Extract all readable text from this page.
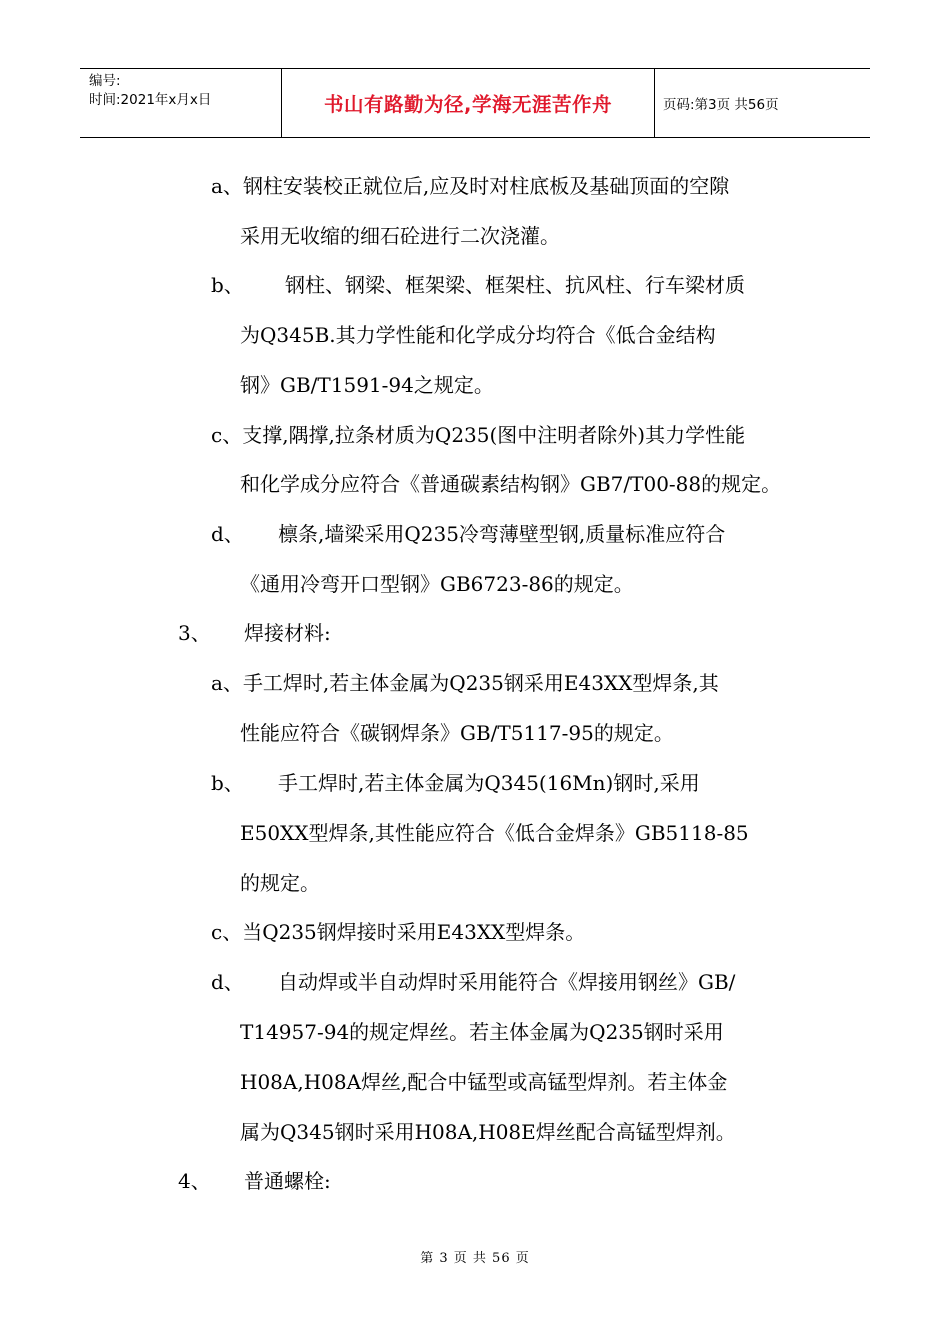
编号:
时间:2021年x月x日	书山有路勤为径,学海无涯苦作舟	页码:第3页 共56页
a、钢柱安装校正就位后,应及时对柱底板及基础顶面的空隙
采用无收缩的细石砼进行二次浇灌。
b、 钢柱、钢梁、框架梁、框架柱、抗风柱、行车梁材质
为Q345B.其力学性能和化学成分均符合《低合金结构
钢》GB/T1591-94之规定。
c、支撑,隅撑,拉条材质为Q235(图中注明者除外)其力学性能
和化学成分应符合《普通碳素结构钢》GB7/T00-88的规定。
d、 檩条,墙梁采用Q235冷弯薄壁型钢,质量标准应符合
《通用冷弯开口型钢》GB6723-86的规定。
3、 焊接材料:
a、手工焊时,若主体金属为Q235钢采用E43XX型焊条,其
性能应符合《碳钢焊条》GB/T5117-95的规定。
b、 手工焊时,若主体金属为Q345(16Mn)钢时,采用
E50XX型焊条,其性能应符合《低合金焊条》GB5118-85
的规定。
c、当Q235钢焊接时采用E43XX型焊条。
d、 自动焊或半自动焊时采用能符合《焊接用钢丝》GB/
T14957-94的规定焊丝。若主体金属为Q235钢时采用
H08A,H08A焊丝,配合中锰型或高锰型焊剂。若主体金
属为Q345钢时采用H08A,H08E焊丝配合高锰型焊剂。
4、 普通螺栓:
第 3 页 共 56 页
